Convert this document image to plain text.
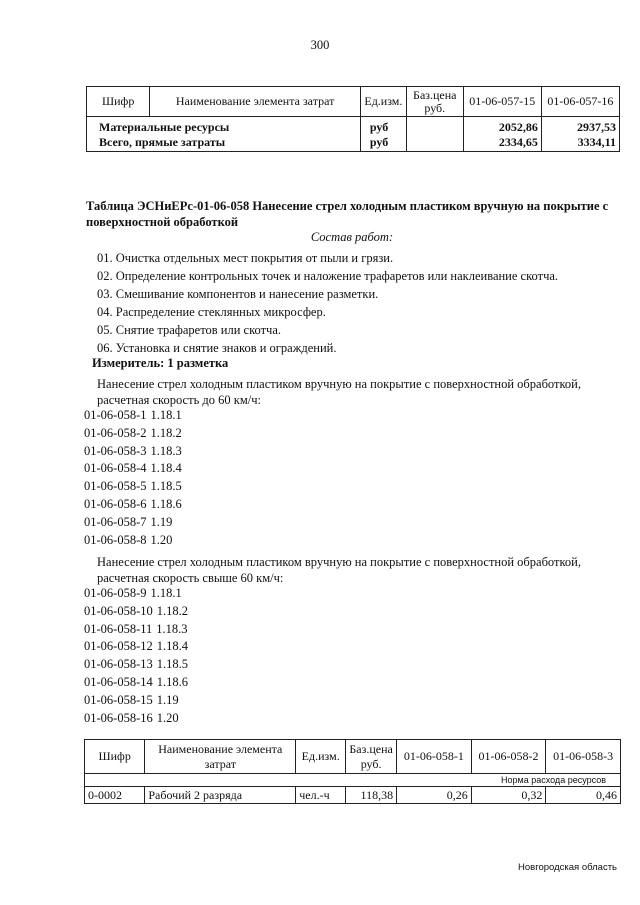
300
Шифр	Наименование элемента затрат	Ед.изм.	Баз.цена руб.	01-06-057-15	01-06-057-16
Материальные ресурсы		руб		2052,86	2937,53
Всего, прямые затраты		руб		2334,65	3334,11
Таблица ЭСНиЕРс-01-06-058 Нанесение стрел холодным пластиком вручную на покрытие с поверхностной обработкой
Состав работ:
01. Очистка отдельных мест покрытия от пыли и грязи.
02. Определение контрольных точек и наложение трафаретов или наклеивание скотча.
03. Смешивание компонентов и нанесение разметки.
04. Распределение стеклянных микросфер.
05. Снятие трафаретов или скотча.
06. Установка и снятие знаков и ограждений.
Измеритель: 1 разметка
Нанесение стрел холодным пластиком вручную на покрытие с поверхностной обработкой, расчетная скорость до 60 км/ч:
01-06-058-1 1.18.1
01-06-058-2 1.18.2
01-06-058-3 1.18.3
01-06-058-4 1.18.4
01-06-058-5 1.18.5
01-06-058-6 1.18.6
01-06-058-7 1.19
01-06-058-8 1.20
Нанесение стрел холодным пластиком вручную на покрытие с поверхностной обработкой, расчетная скорость свыше 60 км/ч:
01-06-058-9 1.18.1
01-06-058-10 1.18.2
01-06-058-11 1.18.3
01-06-058-12 1.18.4
01-06-058-13 1.18.5
01-06-058-14 1.18.6
01-06-058-15 1.19
01-06-058-16 1.20
Шифр	Наименование элемента затрат	Ед.изм.	Баз.цена руб.	01-06-058-1	01-06-058-2	01-06-058-3
Норма расхода ресурсов						
0-0002	Рабочий 2 разряда	чел.-ч	118,38	0,26	0,32	0,46
Новгородская область
